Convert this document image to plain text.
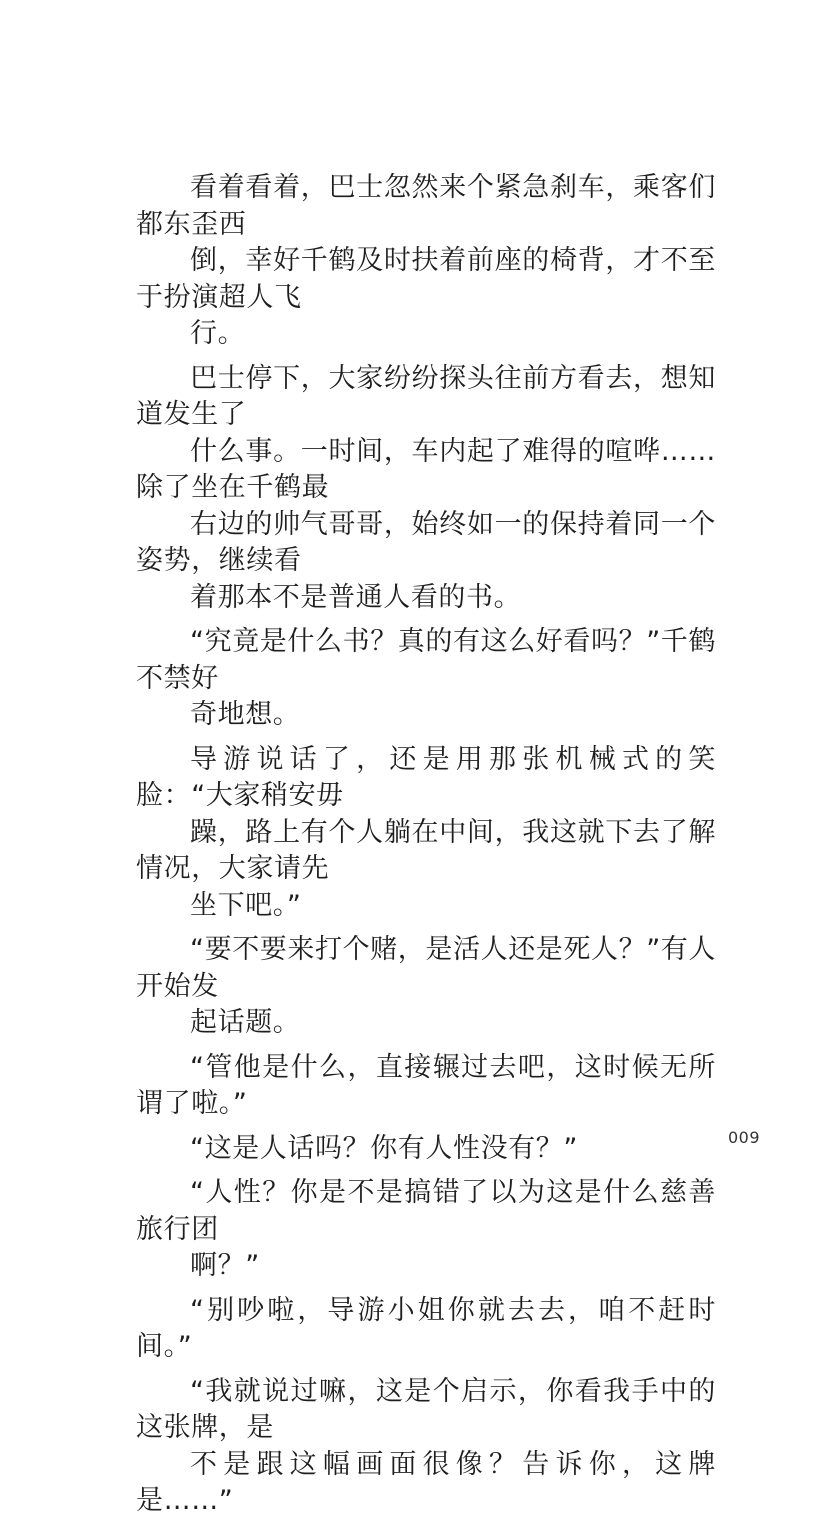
看着看着，巴士忽然来个紧急刹车，乘客们都东歪西
倒，幸好千鹤及时扶着前座的椅背，才不至于扮演超人飞
行。

巴士停下，大家纷纷探头往前方看去，想知道发生了
什么事。一时间，车内起了难得的喧哗……除了坐在千鹤最
右边的帅气哥哥，始终如一的保持着同一个姿势，继续看
着那本不是普通人看的书。

“究竟是什么书？真的有这么好看吗？”千鹤不禁好
奇地想。

导游说话了，还是用那张机械式的笑脸：“大家稍安毋
躁，路上有个人躺在中间，我这就下去了解情况，大家请先
坐下吧。”

“要不要来打个赌，是活人还是死人？”有人开始发
起话题。

“管他是什么，直接辗过去吧，这时候无所谓了啦。”

“这是人话吗？你有人性没有？”

“人性？你是不是搞错了以为这是什么慈善旅行团
啊？”

“别吵啦，导游小姐你就去去，咱不赶时间。”

“我就说过嘛，这是个启示，你看我手中的这张牌，是
不是跟这幅画面很像？告诉你，这牌是……”

009
